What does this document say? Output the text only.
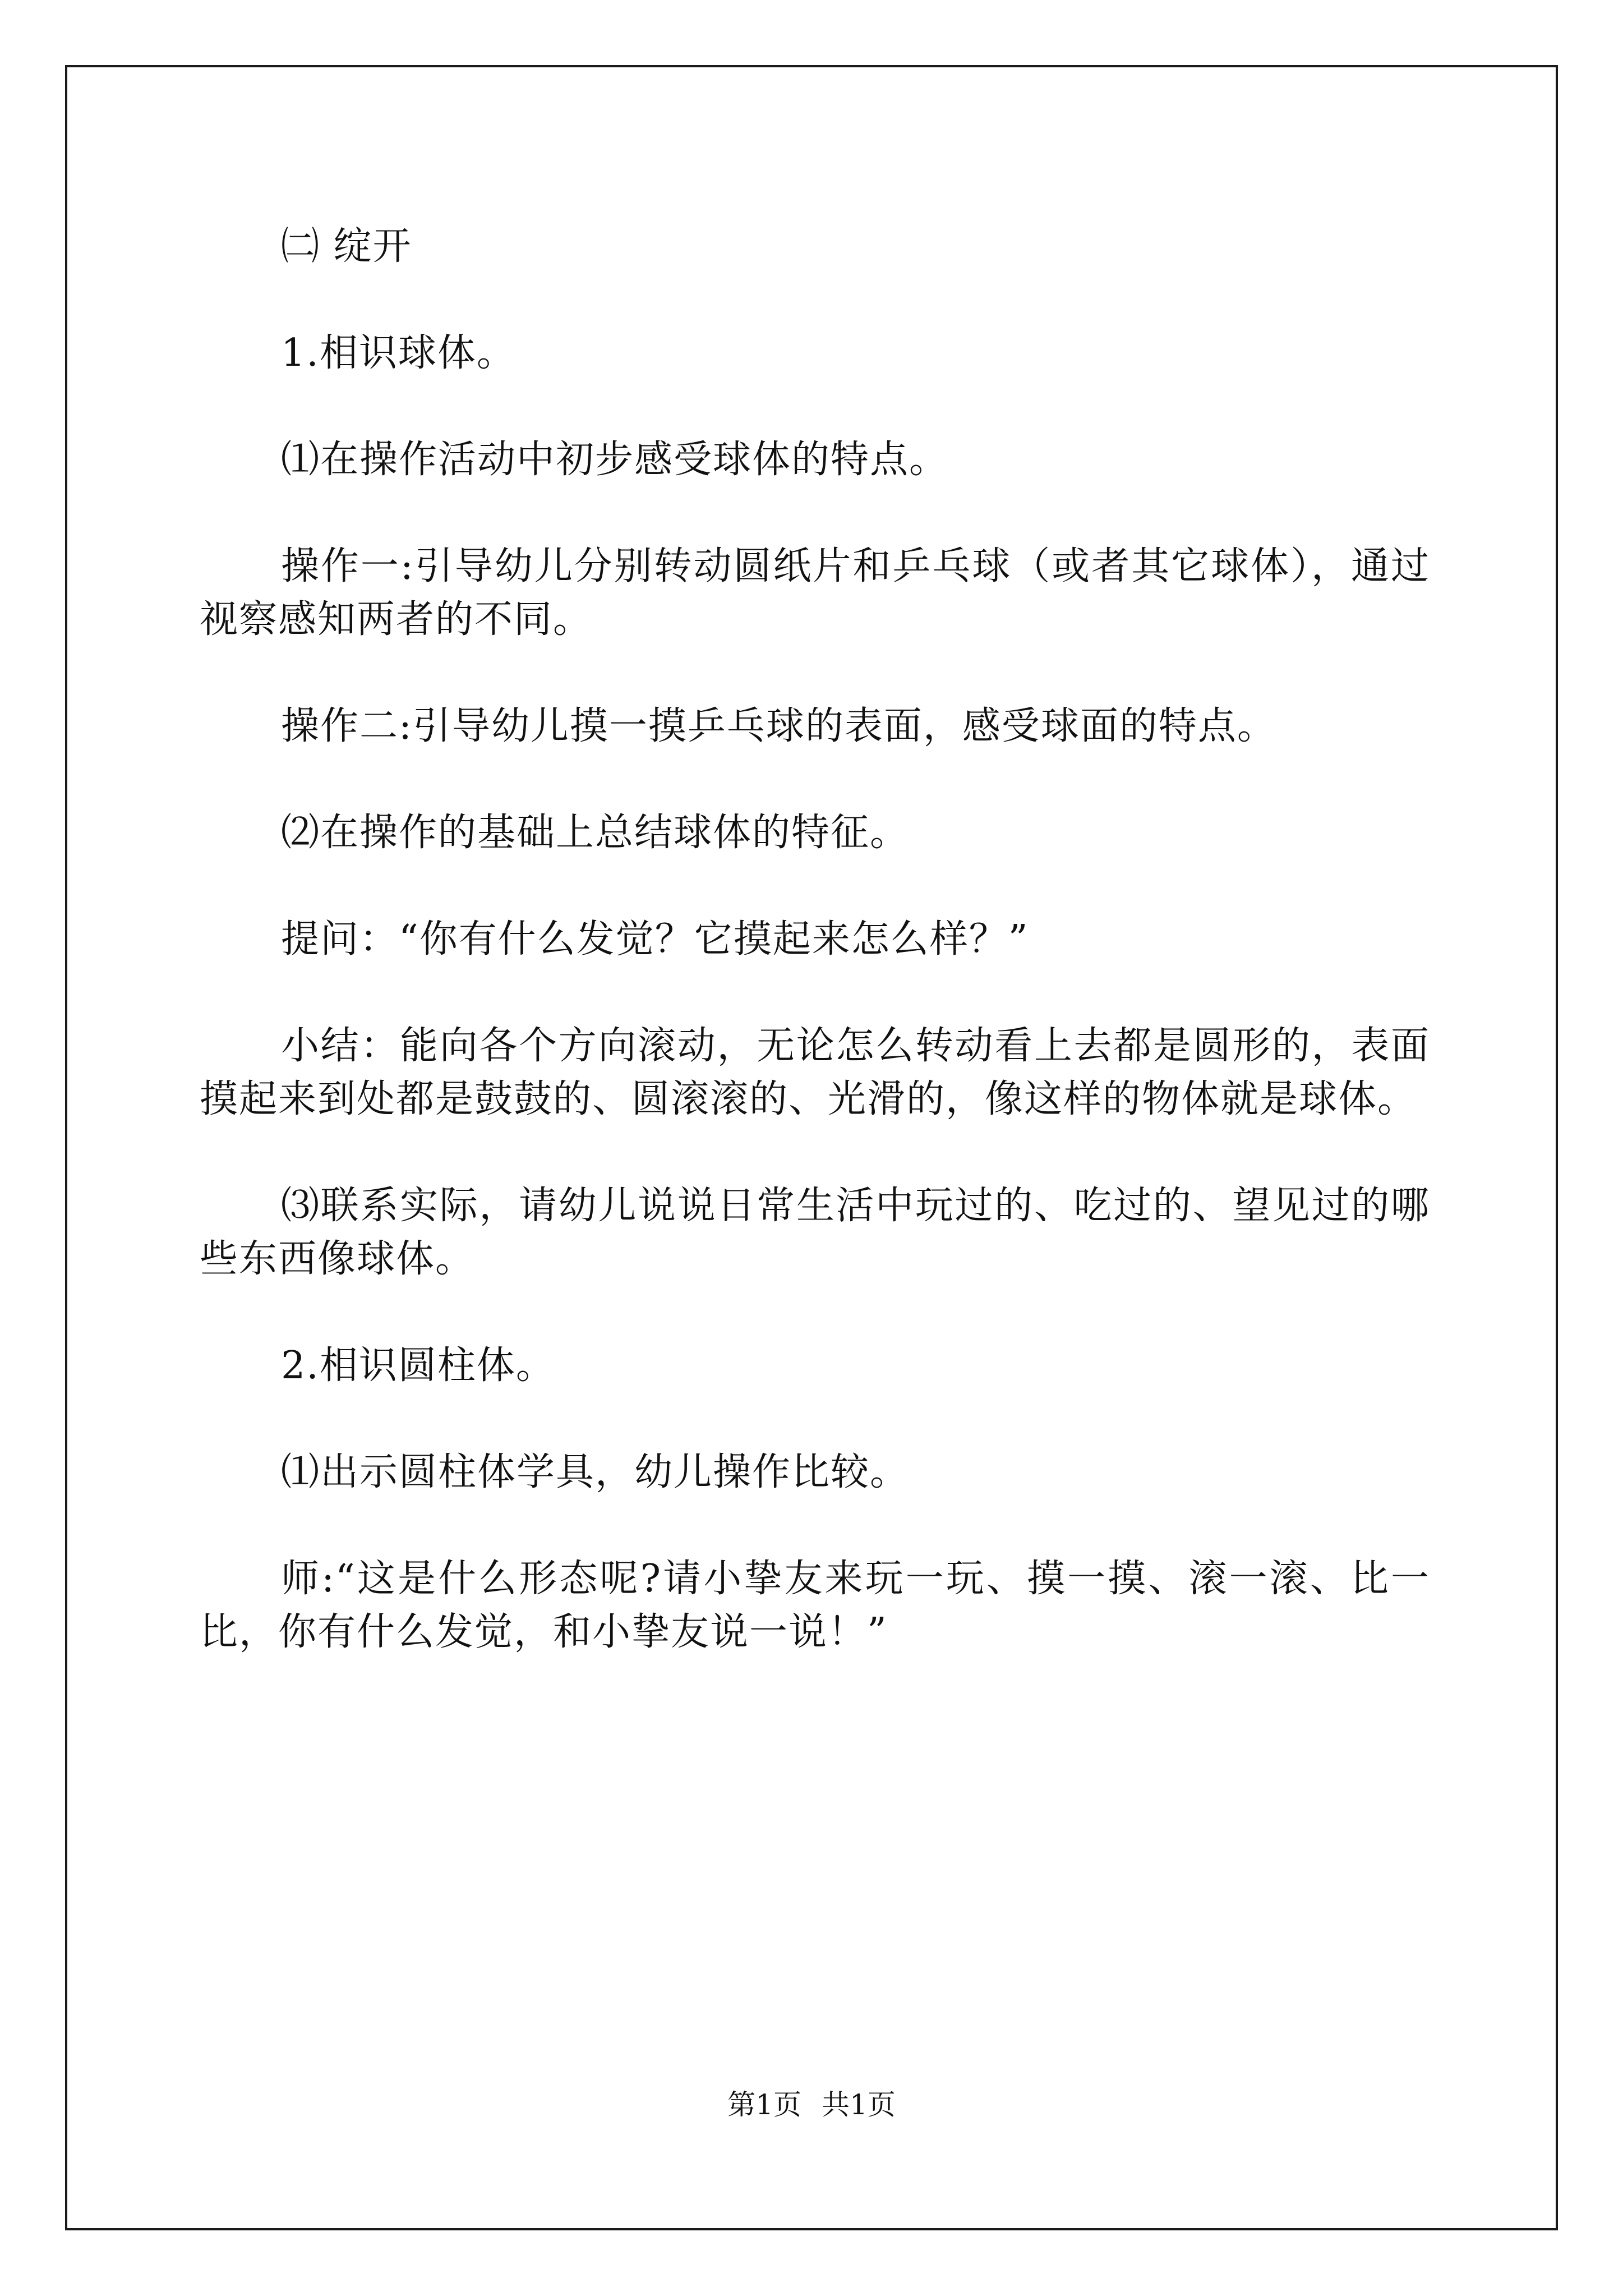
㈡ 绽开

1.相识球体。

⑴在操作活动中初步感受球体的特点。

操作一:引导幼儿分别转动圆纸片和乒乓球（或者其它球体），通过视察感知两者的不同。

操作二:引导幼儿摸一摸乒乓球的表面，感受球面的特点。

⑵在操作的基础上总结球体的特征。

提问：“你有什么发觉？它摸起来怎么样？”

小结：能向各个方向滚动，无论怎么转动看上去都是圆形的，表面摸起来到处都是鼓鼓的、圆滚滚的、光滑的，像这样的物体就是球体。

⑶联系实际，请幼儿说说日常生活中玩过的、吃过的、望见过的哪些东西像球体。

2.相识圆柱体。

⑴出示圆柱体学具，幼儿操作比较。

师:“这是什么形态呢?请小挚友来玩一玩、摸一摸、滚一滚、比一比，你有什么发觉，和小挚友说一说！”

第1页 共1页
